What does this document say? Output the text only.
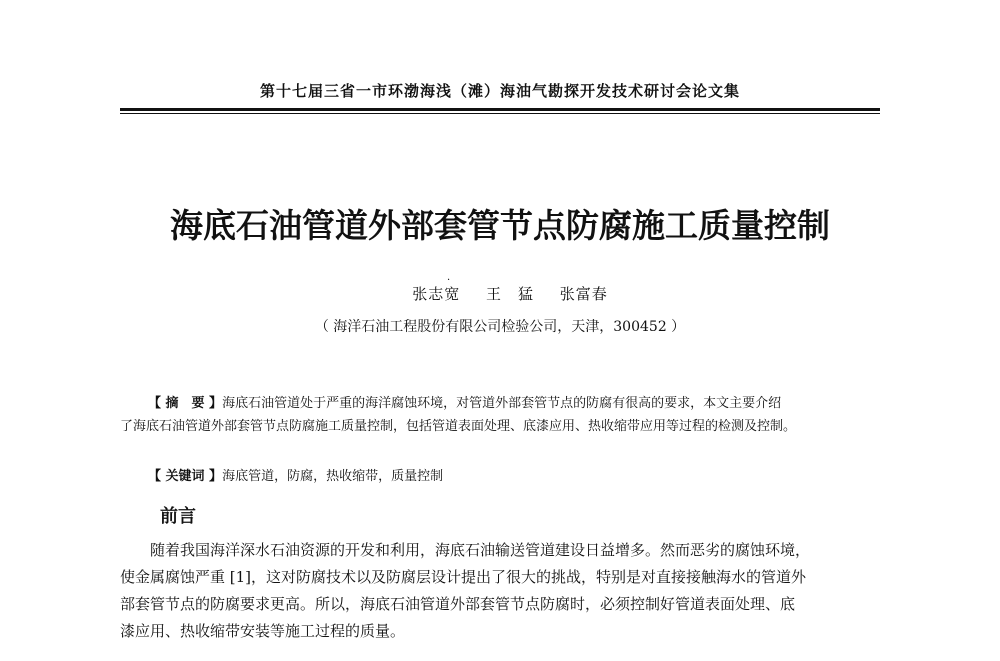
第十七届三省一市环渤海浅（滩）海油气勘探开发技术研讨会论文集
海底石油管道外部套管节点防腐施工质量控制
·
张志宽 王　猛 张富春
（ 海洋石油工程股份有限公司检验公司，天津，300452 ）
【 摘　要 】海底石油管道处于严重的海洋腐蚀环境，对管道外部套管节点的防腐有很高的要求，本文主要介绍
了海底石油管道外部套管节点防腐施工质量控制，包括管道表面处理、底漆应用、热收缩带应用等过程的检测及控制。
【 关键词 】海底管道，防腐，热收缩带，质量控制
前言
随着我国海洋深水石油资源的开发和利用，海底石油输送管道建设日益增多。然而恶劣的腐蚀环境，
使金属腐蚀严重 [1]，这对防腐技术以及防腐层设计提出了很大的挑战，特别是对直接接触海水的管道外
部套管节点的防腐要求更高。所以，海底石油管道外部套管节点防腐时，必须控制好管道表面处理、底
漆应用、热收缩带安装等施工过程的质量。
